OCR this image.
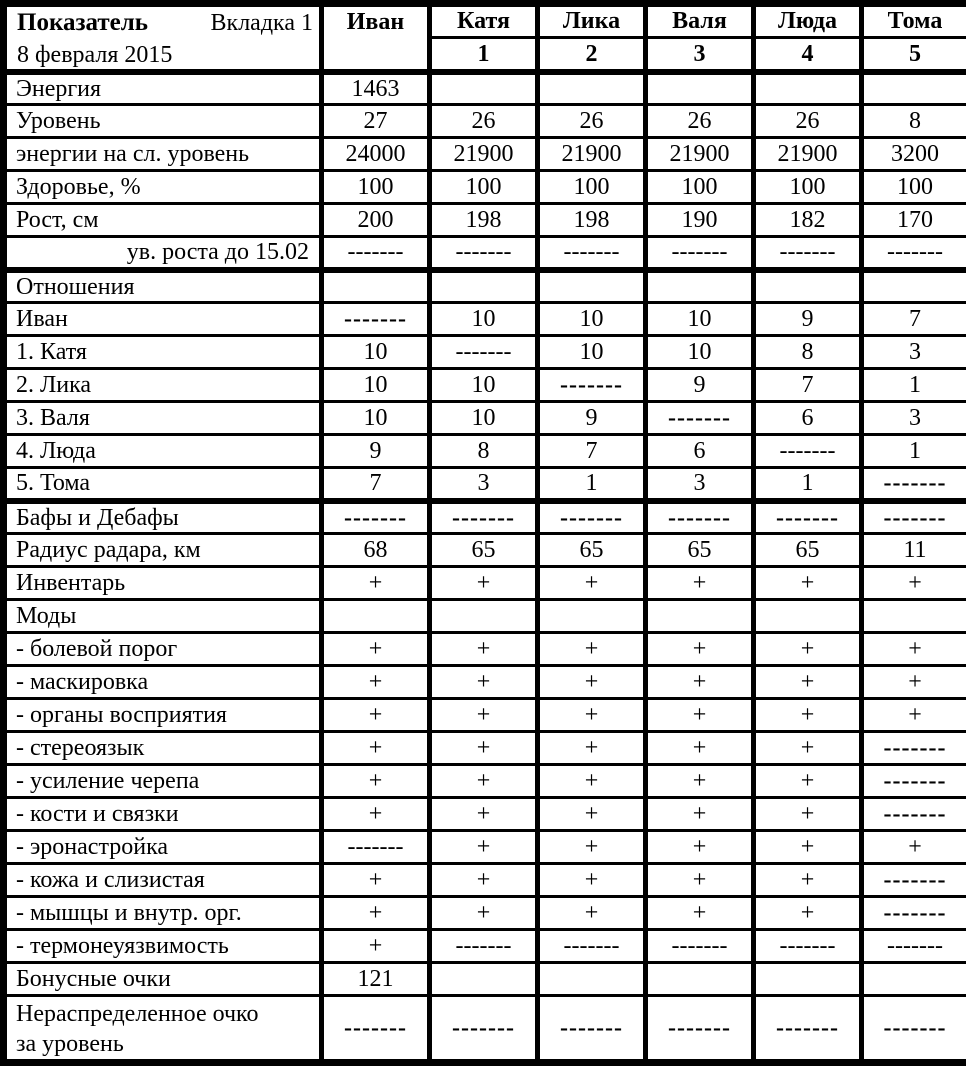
Показатель Вкладка 1
8 февраля 2015	Иван	Катя	Лика	Валя	Люда	Тома
		1	2	3	4	5
Энергия	1463					
Уровень	27	26	26	26	26	8
энергии на сл. уровень	24000	21900	21900	21900	21900	3200
Здоровье, %	100	100	100	100	100	100
Рост, см	200	198	198	190	182	170
ув. роста до 15.02	-------	-------	-------	-------	-------	-------
Отношения						
Иван	-------	10	10	10	9	7
1. Катя	10	-------	10	10	8	3
2. Лика	10	10	-------	9	7	1
3. Валя	10	10	9	-------	6	3
4. Люда	9	8	7	6	-------	1
5. Тома	7	3	1	3	1	-------
Бафы и Дебафы	-------	-------	-------	-------	-------	-------
Радиус радара, км	68	65	65	65	65	11
Инвентарь	+	+	+	+	+	+
Моды						
- болевой порог	+	+	+	+	+	+
- маскировка	+	+	+	+	+	+
- органы восприятия	+	+	+	+	+	+
- стереоязык	+	+	+	+	+	-------
- усиление черепа	+	+	+	+	+	-------
- кости и связки	+	+	+	+	+	-------
- эронастройка	-------	+	+	+	+	+
- кожа и слизистая	+	+	+	+	+	-------
- мышцы и внутр. орг.	+	+	+	+	+	-------
- термонеуязвимость	+	-------	-------	-------	-------	-------
Бонусные очки	121					
Нераспределенное очко
за уровень	-------	-------	-------	-------	-------	-------
